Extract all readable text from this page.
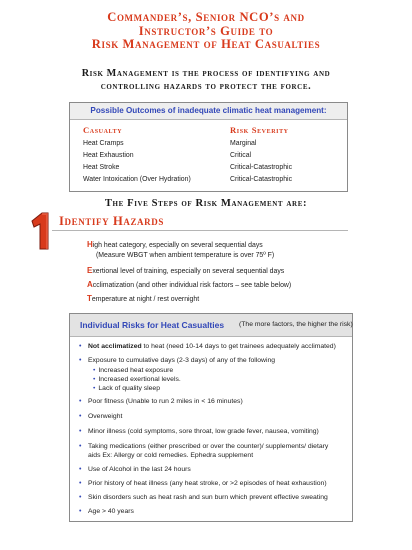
Commander’s, Senior NCO’s and
Instructor’s Guide to
Risk Management of Heat Casualties
Risk Management is the process of identifying and
controlling hazards to protect the force.
Possible Outcomes of inadequate climatic heat management:
Casualty	Risk Severity
Heat Cramps	Marginal
Heat Exhaustion	Critical
Heat Stroke	Critical-Catastrophic
Water Intoxication (Over Hydration)	Critical-Catastrophic
The Five Steps of Risk Management are:
Identify Hazards
High heat category, especially on several sequential days
(Measure WBGT when ambient temperature is over 75º F)
Exertional level of training, especially on several sequential days
Acclimatization (and other individual risk factors – see table below)
Temperature at night / rest overnight
Individual Risks for Heat Casualties (The more factors, the higher the risk)
• Not acclimatized to heat (need 10-14 days to get trainees adequately acclimated)
• Exposure to cumulative days (2-3 days) of any of the following
• Increased heat exposure
• Increased exertional levels.
• Lack of quality sleep
• Poor fitness (Unable to run 2 miles in < 16 minutes)
• Overweight
• Minor illness (cold symptoms, sore throat, low grade fever, nausea, vomiting)
• Taking medications (either prescribed or over the counter)/ supplements/ dietary
aids Ex: Allergy or cold remedies. Ephedra supplement
• Use of Alcohol in the last 24 hours
• Prior history of heat illness (any heat stroke, or >2 episodes of heat exhaustion)
• Skin disorders such as heat rash and sun burn which prevent effective sweating
• Age > 40 years
